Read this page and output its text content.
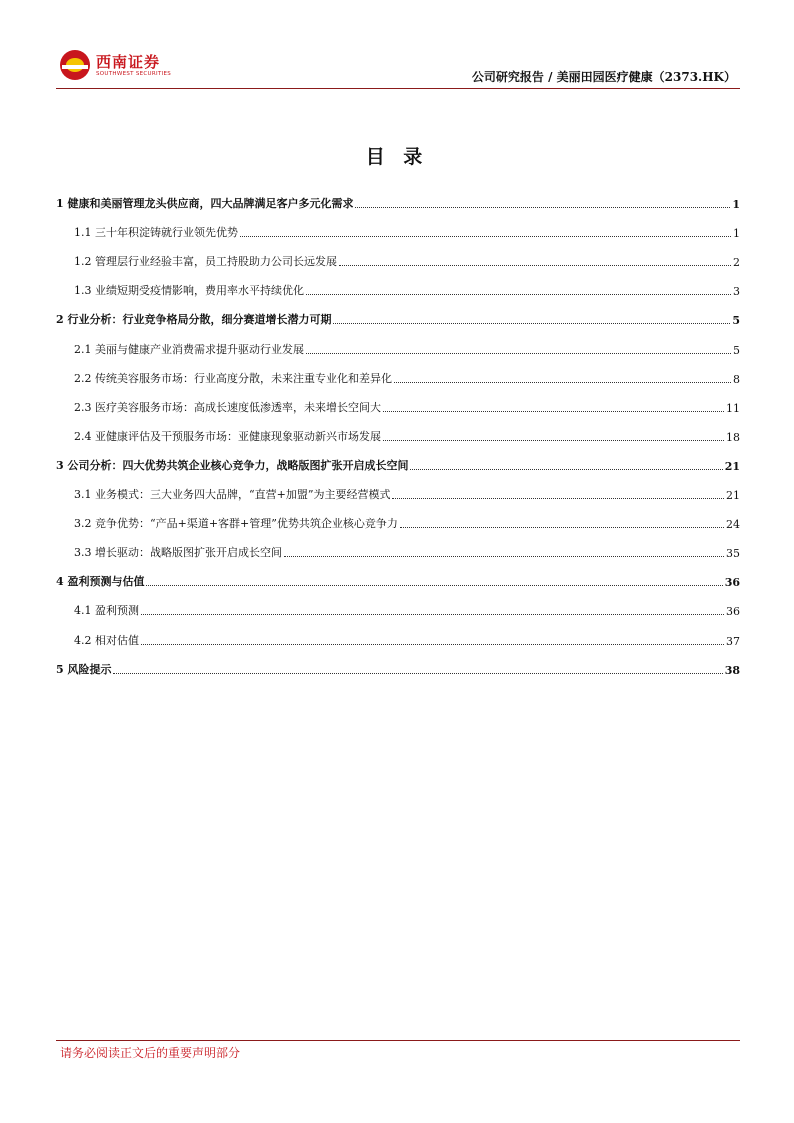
西南证券
SOUTHWEST SECURITIES	公司研究报告 / 美丽田园医疗健康（2373.HK）
目 录
1 健康和美丽管理龙头供应商，四大品牌满足客户多元化需求	1
1.1 三十年积淀铸就行业领先优势	1
1.2 管理层行业经验丰富，员工持股助力公司长远发展	2
1.3 业绩短期受疫情影响，费用率水平持续优化	3
2 行业分析：行业竞争格局分散，细分赛道增长潜力可期	5
2.1 美丽与健康产业消费需求提升驱动行业发展	5
2.2 传统美容服务市场：行业高度分散，未来注重专业化和差异化	8
2.3 医疗美容服务市场：高成长速度低渗透率，未来增长空间大	11
2.4 亚健康评估及干预服务市场：亚健康现象驱动新兴市场发展	18
3 公司分析：四大优势共筑企业核心竞争力，战略版图扩张开启成长空间	21
3.1 业务模式：三大业务四大品牌，“直营+加盟”为主要经营模式	21
3.2 竞争优势：“产品+渠道+客群+管理”优势共筑企业核心竞争力	24
3.3 增长驱动：战略版图扩张开启成长空间	35
4 盈利预测与估值	36
4.1 盈利预测	36
4.2 相对估值	37
5 风险提示	38
请务必阅读正文后的重要声明部分
